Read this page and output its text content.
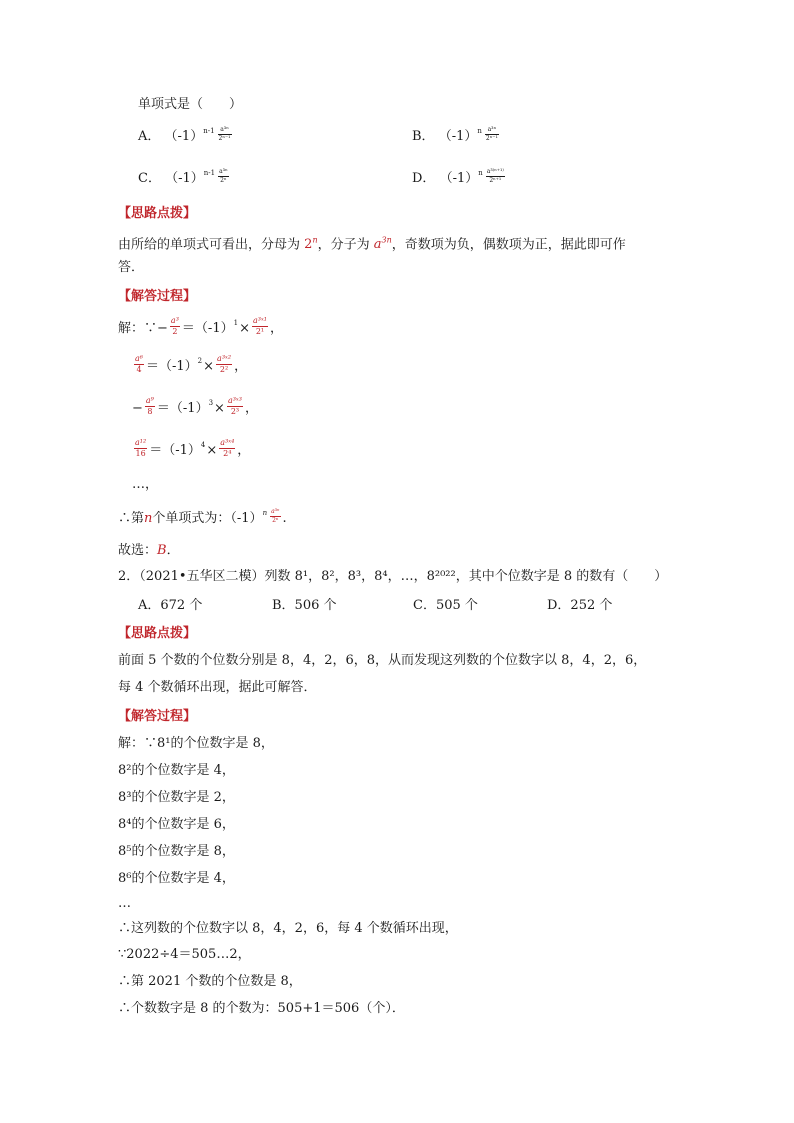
单项式是（　　）
A． $(-1)^{n-1} \frac{\text{a³ⁿ}}{\text{2ⁿ⁻¹}}$	B． $(-1)^n \frac{\text{a³ⁿ}}{\text{2ⁿ⁻¹}}$
C． $(-1)^{n-1} \frac{\text{a³ⁿ}}{\text{2ⁿ}}$	D． $(-1)^n \frac{\text{a³⁽ⁿ⁺¹⁾}}{\text{2ⁿ⁺¹}}$
【思路点拨】
由所给的单项式可看出，分母为 2$^n$，分子为 $a^{3n}$，奇数项为负，偶数项为正，据此即可作
答．
【解答过程】
解：∵− $\frac{\text{a³}}{2} =(-1)^1\times \frac{\text{a³ˣ¹}}{\text{2¹}}$ ，
$\frac{\text{a⁶}}{4} =(-1)^2\times \frac{\text{a³ˣ²}}{\text{2²}}$ ，
− $\frac{\text{a⁹}}{8} =(-1)^3\times \frac{\text{a³ˣ³}}{\text{2³}}$ ，
$\frac{\text{a¹²}}{16} =(-1)^4\times \frac{\text{a³ˣ⁴}}{\text{2⁴}}$ ，
…，
∴第n个单项式为：$(-1)^n \frac{\text{a³ⁿ}}{\text{2ⁿ}}$ .
故选：B．
2．（2021•五华区二模）列数 8¹，8²，8³，8⁴，…，8²⁰²²，其中个位数字是 8 的数有（　　）
A．672 个	B．506 个	C．505 个	D．252 个
【思路点拨】
前面 5 个数的个位数分别是 8，4，2，6，8，从而发现这列数的个位数字以 8，4，2，6，
每 4 个数循环出现，据此可解答．
【解答过程】
解：∵8¹的个位数字是 8，
8²的个位数字是 4，
8³的个位数字是 2，
8⁴的个位数字是 6，
8⁵的个位数字是 8，
8⁶的个位数字是 4，
…
∴这列数的个位数字以 8，4，2，6，每 4 个数循环出现，
∵2022÷4＝505…2，
∴第 2021 个数的个位数是 8，
∴个数数字是 8 的个数为：505+1＝506（个）．
